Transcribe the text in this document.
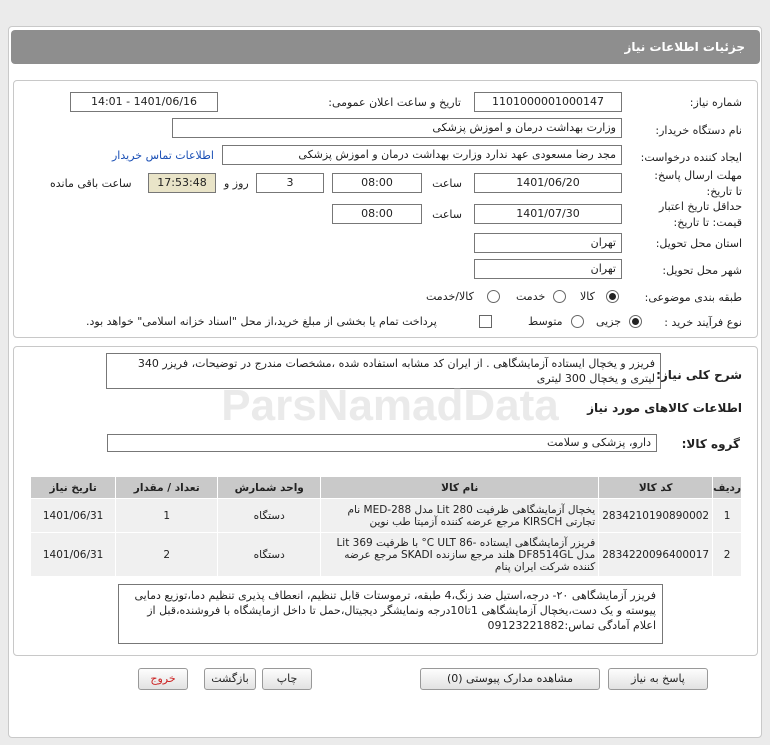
جزئیات اطلاعات نیاز
شماره نیاز:
1101000001000147
تاریخ و ساعت اعلان عمومی:
1401/06/16 - 14:01
نام دستگاه خریدار:
وزارت بهداشت درمان و اموزش پزشکی
ایجاد کننده درخواست:
مجد رضا مسعودی عهد ندارد وزارت بهداشت درمان و اموزش پزشکی
اطلاعات تماس خریدار
مهلت ارسال پاسخ: تا تاریخ:
1401/06/20
ساعت
08:00
3
روز و
17:53:48
ساعت باقی مانده
حداقل تاریخ اعتبار قیمت: تا تاریخ:
1401/07/30
ساعت
08:00
استان محل تحویل:
تهران
شهر محل تحویل:
تهران
طبقه بندی موضوعی:
کالا
خدمت
کالا/خدمت
نوع فرآیند خرید :
جزیی
متوسط
پرداخت تمام یا بخشی از مبلغ خرید،از محل "اسناد خزانه اسلامی" خواهد بود.
شرح کلی نیاز:
فریزر و یخچال ایستاده آزمایشگاهی . از ایران کد مشابه استفاده شده ،مشخصات مندرج در توضیحات، فریزر 340 لیتری و یخچال 300 لیتری
اطلاعات کالاهای مورد نیاز
گروه کالا:
دارو، پزشکی و سلامت
ردیف	کد کالا	نام کالا	واحد شمارش	تعداد / مقدار	تاریخ نیاز
1	2834210190890002	یخچال آزمایشگاهی ظرفیت 280 Lit مدل MED-288 نام تجارتی KIRSCH مرجع عرضه کننده آزمیتا طب نوین	دستگاه	1	1401/06/31
2	2834220096400017	فریزر آزمایشگاهی ایستاده -86 C ULT° با ظرفیت 369 Lit مدل DF8514GL هلند مرجع سازنده SKADI مرجع عرضه کننده شرکت ایران پنام	دستگاه	2	1401/06/31
فریزر آزمایشگاهی ۲۰- درجه،استیل ضد زنگ،4 طبقه، ترموستات قابل تنظیم، انعطاف پذیری تنظیم دما،توزیع دمایی پیوسته و یک دست،یخچال آزمایشگاهی 1تا10درجه ونمایشگر دیجیتال،حمل تا داخل ازمایشگاه با فروشنده،قبل از اعلام آمادگی تماس:09123221882
ParsNamadData
پاسخ به نیاز
مشاهده مدارک پیوستی (0)
چاپ
بازگشت
خروج
